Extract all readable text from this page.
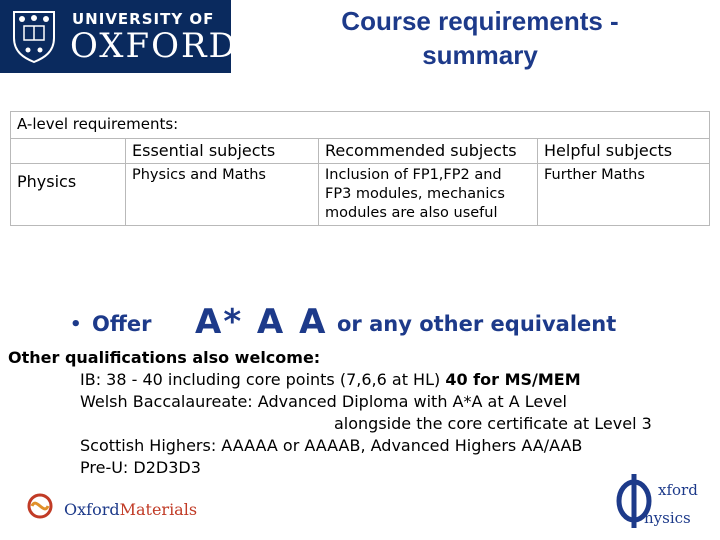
UNIVERSITY OF
OXFORD
Course requirements -
summary
A-level requirements:			
	Essential subjects	Recommended subjects	Helpful subjects
Physics	Physics and Maths	Inclusion of FP1,FP2 and FP3 modules, mechanics modules are also useful	Further Maths
• Offer A* A A or any other equivalent
Other qualifications also welcome:
IB: 38 - 40 including core points (7,6,6 at HL) 40 for MS/MEM
Welsh Baccalaureate: Advanced Diploma with A*A at A Level
alongside the core certificate at Level 3
Scottish Highers: AAAAA or AAAAB, Advanced Highers AA/AAB
Pre-U: D2D3D3
OxfordMaterials
xford
hysics
